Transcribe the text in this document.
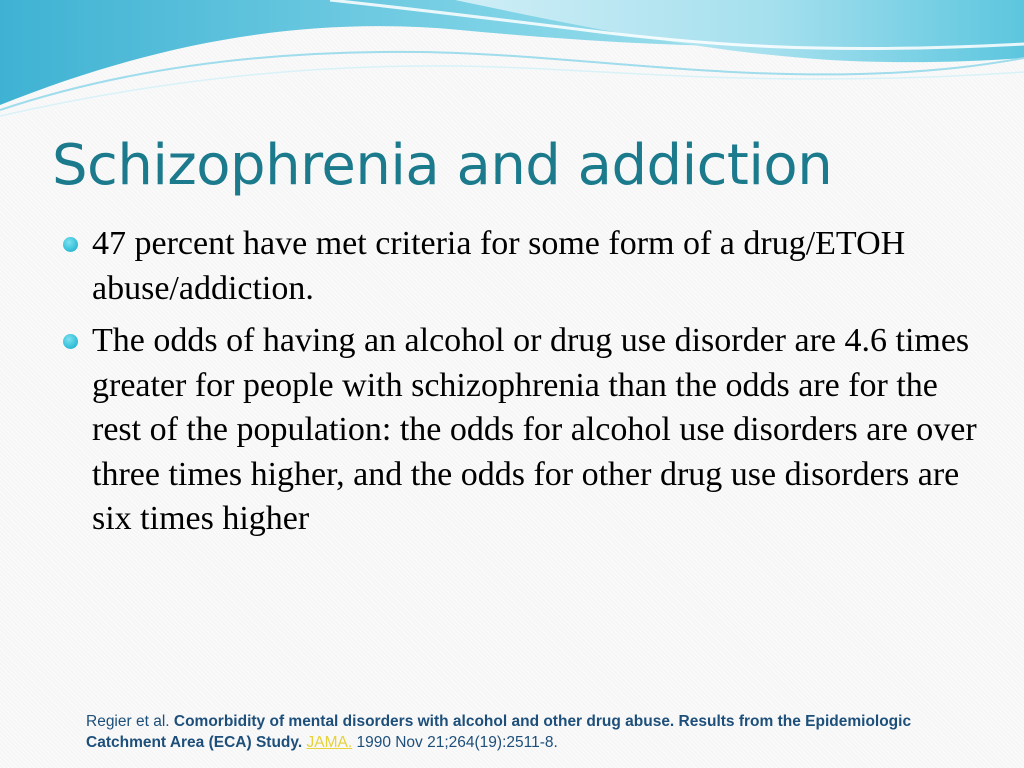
Schizophrenia and addiction
47 percent have met criteria for some form of a drug/ETOH abuse/addiction.
The odds of having an alcohol or drug use disorder are 4.6 times greater for people with schizophrenia than the odds are for the rest of the population: the odds for alcohol use disorders are over three times higher, and the odds for other drug use disorders are six times higher

Regier et al. Comorbidity of mental disorders with alcohol and other drug abuse. Results from the Epidemiologic Catchment Area (ECA) Study. JAMA. 1990 Nov 21;264(19):2511-8.
